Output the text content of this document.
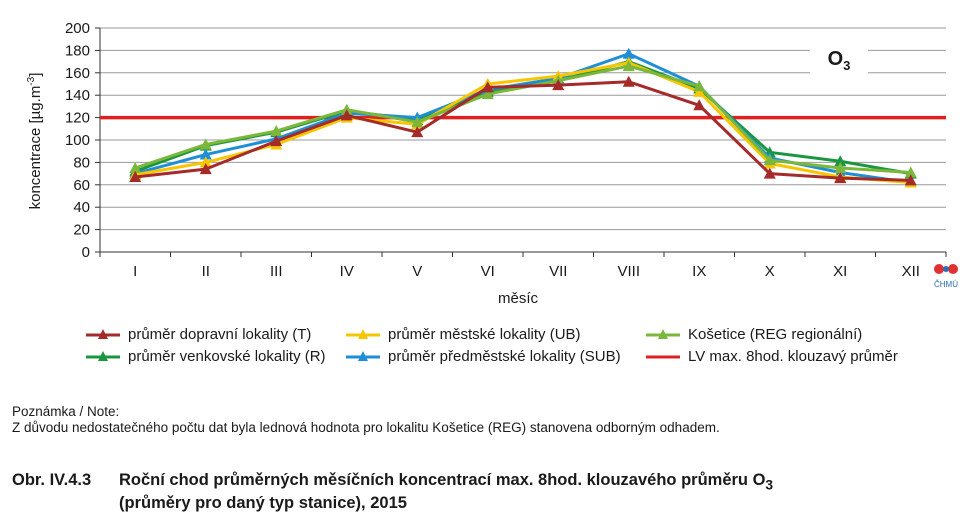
0
20
40
60
80
100
120
140
160
180
200
I	II	III	IV	V	VI	VII	VIII	IX	X	XI	XII
měsíc
koncentrace $[\mu g.m^{-3}]$
$O_3$
ČHMÚ
průměr dopravní lokality (T)
průměr venkovské lokality (R)
průměr městské lokality (UB)
průměr předměstské lokality (SUB)
Košetice (REG regionální)
LV max. 8hod. klouzavý průměr
Poznámka / Note:
Z důvodu nedostatečného počtu dat byla lednová hodnota pro lokalitu Košetice (REG) stanovena odborným odhadem.
Obr. IV.4.3 Roční chod průměrných měsíčních koncentrací max. 8hod. klouzavého průměru $O_3$
(průměry pro daný typ stanice), 2015
